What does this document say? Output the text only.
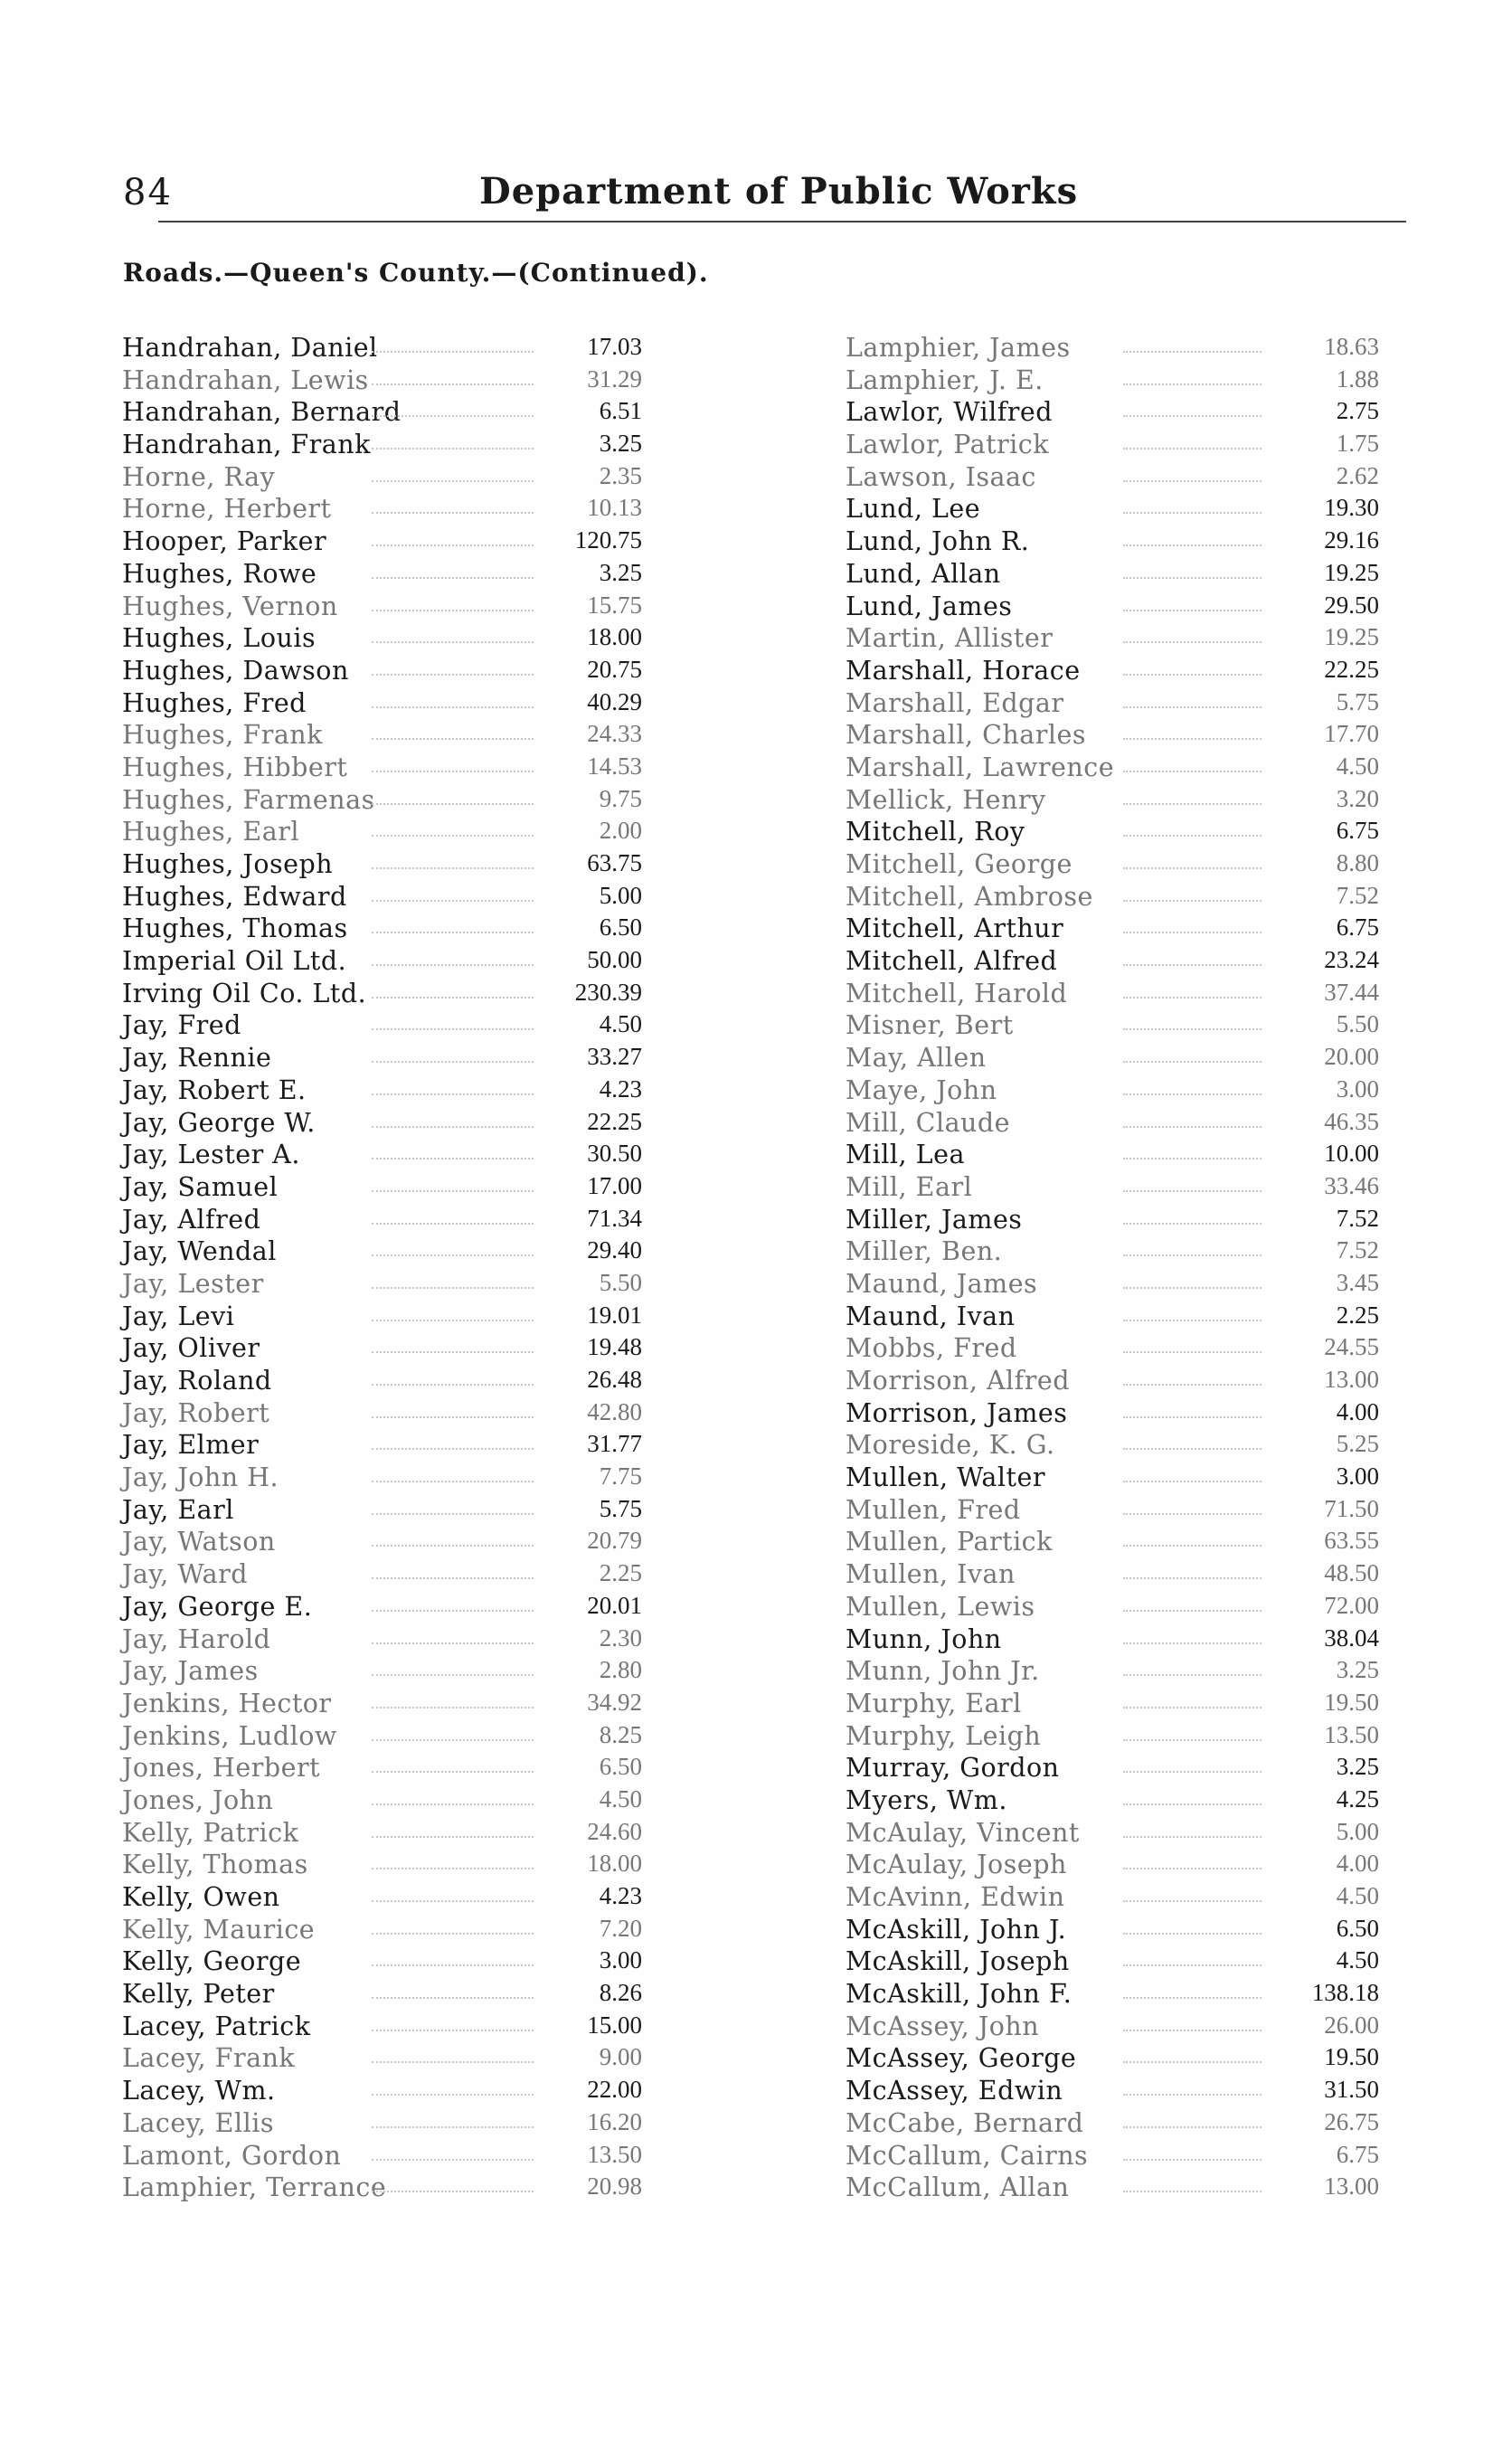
84	Department of Public Works
Roads.—Queen's County.—(Continued).
Handrahan, Daniel	17.03
Handrahan, Lewis	31.29
Handrahan, Bernard	6.51
Handrahan, Frank	3.25
Horne, Ray	2.35
Horne, Herbert	10.13
Hooper, Parker	120.75
Hughes, Rowe	3.25
Hughes, Vernon	15.75
Hughes, Louis	18.00
Hughes, Dawson	20.75
Hughes, Fred	40.29
Hughes, Frank	24.33
Hughes, Hibbert	14.53
Hughes, Farmenas	9.75
Hughes, Earl	2.00
Hughes, Joseph	63.75
Hughes, Edward	5.00
Hughes, Thomas	6.50
Imperial Oil Ltd.	50.00
Irving Oil Co. Ltd.	230.39
Jay, Fred	4.50
Jay, Rennie	33.27
Jay, Robert E.	4.23
Jay, George W.	22.25
Jay, Lester A.	30.50
Jay, Samuel	17.00
Jay, Alfred	71.34
Jay, Wendal	29.40
Jay, Lester	5.50
Jay, Levi	19.01
Jay, Oliver	19.48
Jay, Roland	26.48
Jay, Robert	42.80
Jay, Elmer	31.77
Jay, John H.	7.75
Jay, Earl	5.75
Jay, Watson	20.79
Jay, Ward	2.25
Jay, George E.	20.01
Jay, Harold	2.30
Jay, James	2.80
Jenkins, Hector	34.92
Jenkins, Ludlow	8.25
Jones, Herbert	6.50
Jones, John	4.50
Kelly, Patrick	24.60
Kelly, Thomas	18.00
Kelly, Owen	4.23
Kelly, Maurice	7.20
Kelly, George	3.00
Kelly, Peter	8.26
Lacey, Patrick	15.00
Lacey, Frank	9.00
Lacey, Wm.	22.00
Lacey, Ellis	16.20
Lamont, Gordon	13.50
Lamphier, Terrance	20.98
Lamphier, James	18.63
Lamphier, J. E.	1.88
Lawlor, Wilfred	2.75
Lawlor, Patrick	1.75
Lawson, Isaac	2.62
Lund, Lee	19.30
Lund, John R.	29.16
Lund, Allan	19.25
Lund, James	29.50
Martin, Allister	19.25
Marshall, Horace	22.25
Marshall, Edgar	5.75
Marshall, Charles	17.70
Marshall, Lawrence	4.50
Mellick, Henry	3.20
Mitchell, Roy	6.75
Mitchell, George	8.80
Mitchell, Ambrose	7.52
Mitchell, Arthur	6.75
Mitchell, Alfred	23.24
Mitchell, Harold	37.44
Misner, Bert	5.50
May, Allen	20.00
Maye, John	3.00
Mill, Claude	46.35
Mill, Lea	10.00
Mill, Earl	33.46
Miller, James	7.52
Miller, Ben.	7.52
Maund, James	3.45
Maund, Ivan	2.25
Mobbs, Fred	24.55
Morrison, Alfred	13.00
Morrison, James	4.00
Moreside, K. G.	5.25
Mullen, Walter	3.00
Mullen, Fred	71.50
Mullen, Partick	63.55
Mullen, Ivan	48.50
Mullen, Lewis	72.00
Munn, John	38.04
Munn, John Jr.	3.25
Murphy, Earl	19.50
Murphy, Leigh	13.50
Murray, Gordon	3.25
Myers, Wm.	4.25
McAulay, Vincent	5.00
McAulay, Joseph	4.00
McAvinn, Edwin	4.50
McAskill, John J.	6.50
McAskill, Joseph	4.50
McAskill, John F.	138.18
McAssey, John	26.00
McAssey, George	19.50
McAssey, Edwin	31.50
McCabe, Bernard	26.75
McCallum, Cairns	6.75
McCallum, Allan	13.00
